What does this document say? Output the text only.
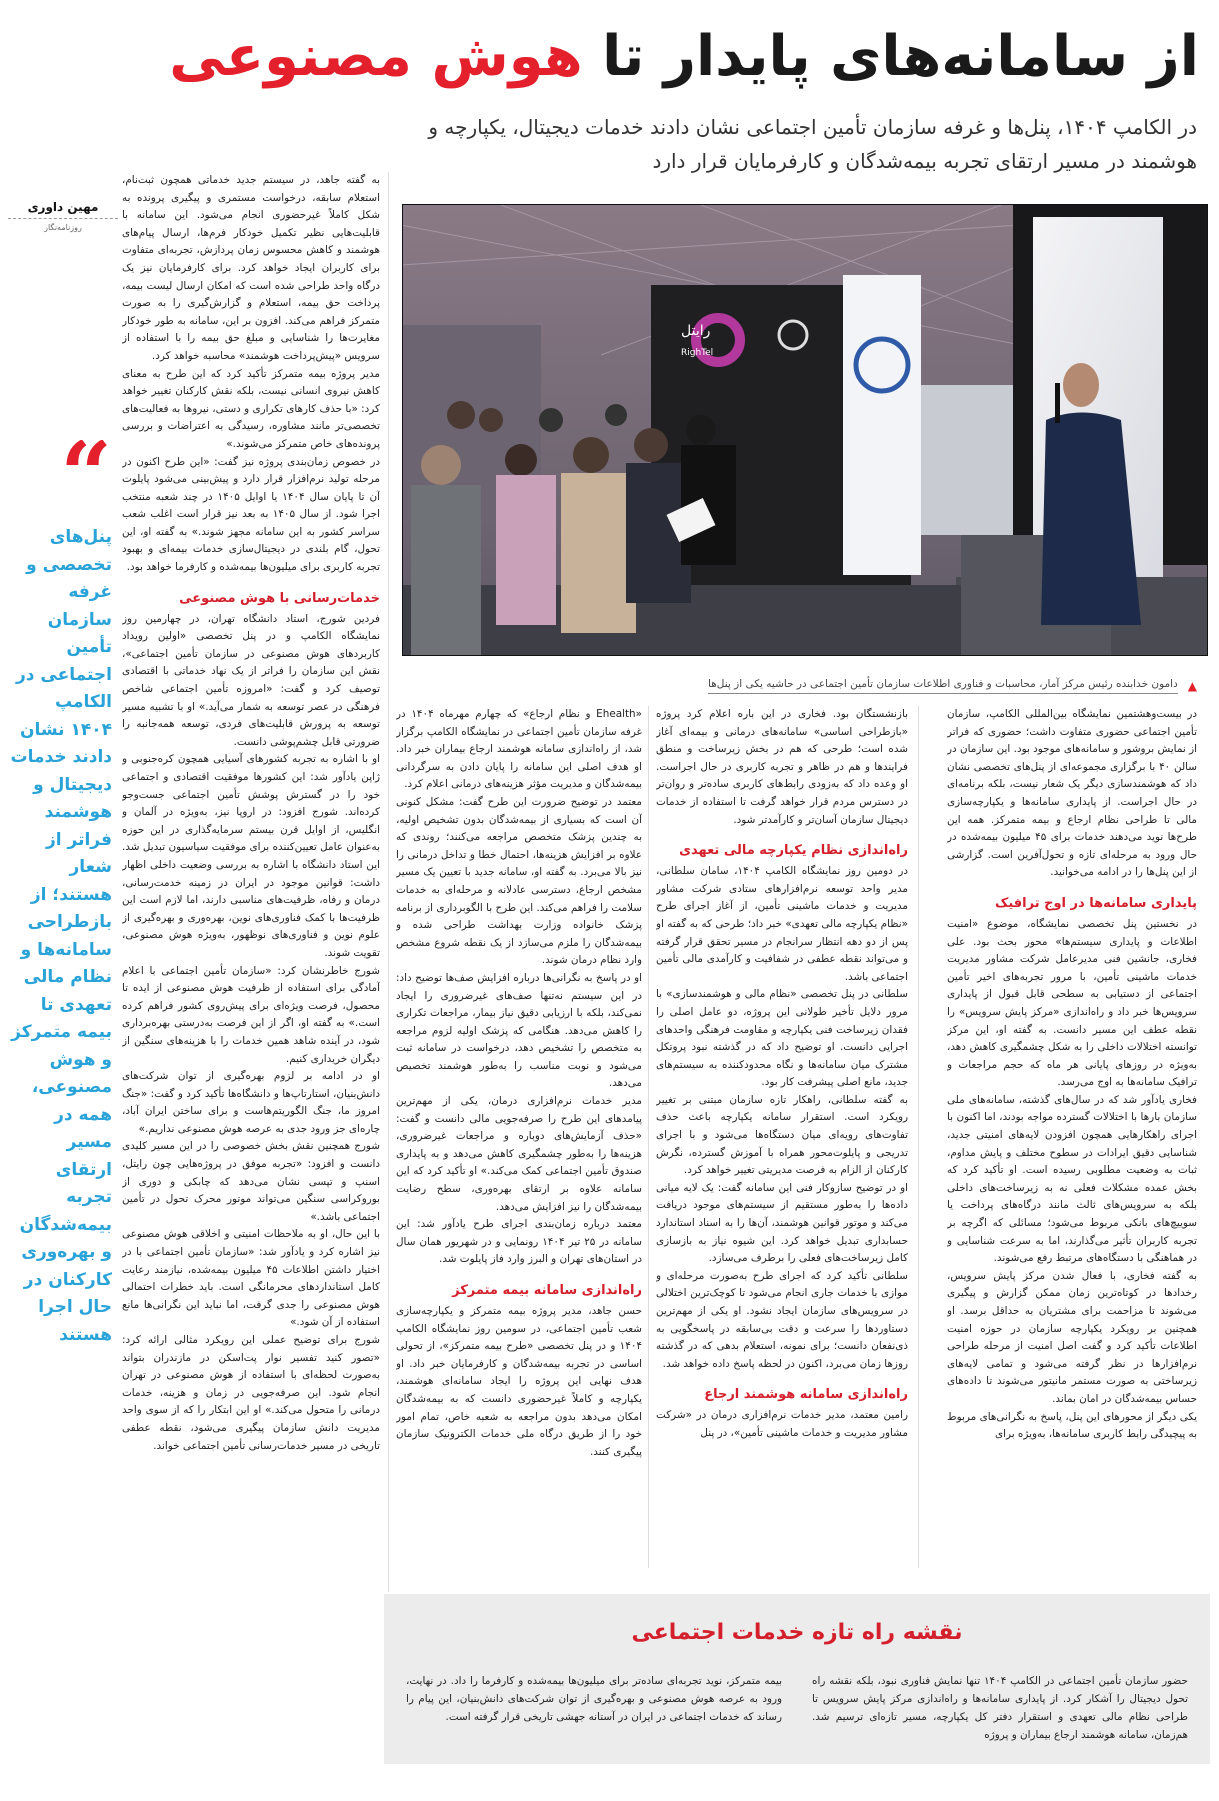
از سامانه‌های پایدار تا هوش مصنوعی

در الکامپ ۱۴۰۴، پنل‌ها و غرفه سازمان تأمین اجتماعی نشان دادند خدمات دیجیتال، یکپارچه و هوشمند در مسیر ارتقای تجربه بیمه‌شدگان و کارفرمایان قرار دارد

مهین داوری
روزنامه‌نگار
“
پنل‌های تخصصی و غرفه سازمان تأمین اجتماعی در الکامپ ۱۴۰۴ نشان دادند خدمات دیجیتال و هوشمند فراتر از شعار هستند؛ از بازطراحی سامانه‌ها و نظام مالی تعهدی تا بیمه متمرکز و هوش مصنوعی، همه در مسیر ارتقای تجربه بیمه‌شدگان و بهره‌وری کارکنان در حال اجرا هستند

به گفته جاهد، در سیستم جدید خدماتی همچون ثبت‌نام، استعلام سابقه، درخواست مستمری و پیگیری پرونده به شکل کاملاً غیرحضوری انجام می‌شود. این سامانه با قابلیت‌هایی نظیر تکمیل خودکار فرم‌ها، ارسال پیام‌های هوشمند و کاهش محسوس زمان پردازش، تجربه‌ای متفاوت برای کاربران ایجاد خواهد کرد. برای کارفرمایان نیز یک درگاه واحد طراحی شده است که امکان ارسال لیست بیمه، پرداخت حق بیمه، استعلام و گزارش‌گیری را به صورت متمرکز فراهم می‌کند. افزون بر این، سامانه به طور خودکار مغایرت‌ها را شناسایی و مبلغ حق بیمه را با استفاده از سرویس «پیش‌پرداخت هوشمند» محاسبه خواهد کرد.

مدیر پروژه بیمه متمرکز تأکید کرد که این طرح به معنای کاهش نیروی انسانی نیست، بلکه نقش کارکنان تغییر خواهد کرد: «با حذف کارهای تکراری و دستی، نیروها به فعالیت‌های تخصصی‌تر مانند مشاوره، رسیدگی به اعتراضات و بررسی پرونده‌های خاص متمرکز می‌شوند.»

در خصوص زمان‌بندی پروژه نیز گفت: «این طرح اکنون در مرحله تولید نرم‌افزار قرار دارد و پیش‌بینی می‌شود پایلوت آن تا پایان سال ۱۴۰۴ یا اوایل ۱۴۰۵ در چند شعبه منتخب اجرا شود. از سال ۱۴۰۵ به بعد نیز قرار است اغلب شعب سراسر کشور به این سامانه مجهز شوند.» به گفته او، این تحول، گام بلندی در دیجیتال‌سازی خدمات بیمه‌ای و بهبود تجربه کاربری برای میلیون‌ها بیمه‌شده و کارفرما خواهد بود.

خدمات‌رسانی با هوش مصنوعی

فردین شورج، استاد دانشگاه تهران، در چهارمین روز نمایشگاه الکامپ و در پنل تخصصی «اولین رویداد کاربردهای هوش مصنوعی در سازمان تأمین اجتماعی»، نقش این سازمان را فراتر از یک نهاد خدماتی با اقتصادی توصیف کرد و گفت: «امروزه تأمین اجتماعی شاخص فرهنگی در عصر توسعه به شمار می‌آید.» او با تشبیه مسیر توسعه به پرورش قابلیت‌های فردی، توسعه همه‌جانبه را ضرورتی قابل چشم‌پوشی دانست.

او با اشاره به تجربه کشورهای آسیایی همچون کره‌جنوبی و ژاپن یادآور شد: این کشورها موفقیت اقتصادی و اجتماعی خود را در گسترش پوشش تأمین اجتماعی جست‌وجو کرده‌اند. شورج افزود: در اروپا نیز، به‌ویژه در آلمان و انگلیس، از اوایل قرن بیستم سرمایه‌گذاری در این حوزه به‌عنوان عامل تعیین‌کننده برای موفقیت سیاسیون تبدیل شد. این استاد دانشگاه با اشاره به بررسی وضعیت داخلی اظهار داشت: قوانین موجود در ایران در زمینه خدمت‌رسانی، درمان و رفاه، ظرفیت‌های مناسبی دارند، اما لازم است این ظرفیت‌ها با کمک فناوری‌های نوین، بهره‌وری و بهره‌گیری از علوم نوین و فناوری‌های نوظهور، به‌ویژه هوش مصنوعی، تقویت شوند.

شورج خاطرنشان کرد: «سازمان تأمین اجتماعی با اعلام آمادگی برای استفاده از ظرفیت هوش مصنوعی از ایده تا محصول، فرصت ویژه‌ای برای پیش‌روی کشور فراهم کرده است.» به گفته او، اگر از این فرصت به‌درستی بهره‌برداری شود، در آینده شاهد همین خدمات را با هزینه‌های سنگین از دیگران خریداری کنیم.

او در ادامه بر لزوم بهره‌گیری از توان شرکت‌های دانش‌بنیان، استارتاپ‌ها و دانشگاه‌ها تأکید کرد و گفت: «جنگ امروز ما، جنگ الگوریتم‌هاست و برای ساختن ایران آباد، چاره‌ای جز ورود جدی به عرصه هوش مصنوعی نداریم.»

شورج همچنین نقش بخش خصوصی را در این مسیر کلیدی دانست و افزود: «تجربه موفق در پروژه‌هایی چون رایتل، اسنپ و تپسی نشان می‌دهد که چابکی و دوری از بوروکراسی سنگین می‌تواند موتور محرک تحول در تأمین اجتماعی باشد.»

با این حال، او به ملاحظات امنیتی و اخلاقی هوش مصنوعی نیز اشاره کرد و یادآور شد: «سازمان تأمین اجتماعی با در اختیار داشتن اطلاعات ۴۵ میلیون بیمه‌شده، نیازمند رعایت کامل استانداردهای محرمانگی است. باید خطرات احتمالی هوش مصنوعی را جدی گرفت، اما نباید این نگرانی‌ها مانع استفاده از آن شود.»

شورج برای توضیح عملی این رویکرد مثالی ارائه کرد: «تصور کنید تفسیر نوار پت‌اسکن در مازندران بتواند به‌صورت لحظه‌ای با استفاده از هوش مصنوعی در تهران انجام شود. این صرفه‌جویی در زمان و هزینه، خدمات درمانی را متحول می‌کند.» او این ابتکار را که از سوی واحد مدیریت دانش سازمان پیگیری می‌شود، نقطه عطفی تاریخی در مسیر خدمات‌رسانی تأمین اجتماعی خواند.

رایتل
RighTel
▲
دامون خدابنده رئیس مرکز آمار، محاسبات و فناوری اطلاعات سازمان تأمین اجتماعی در حاشیه یکی از پنل‌ها

در بیست‌وهشتمین نمایشگاه بین‌المللی الکامپ، سازمان تأمین اجتماعی حضوری متفاوت داشت؛ حضوری که فراتر از نمایش بروشور و سامانه‌های موجود بود. این سازمان در سالن ۴۰ با برگزاری مجموعه‌ای از پنل‌های تخصصی نشان داد که هوشمندسازی دیگر یک شعار نیست، بلکه برنامه‌ای در حال اجراست. از پایداری سامانه‌ها و یکپارچه‌سازی مالی تا طراحی نظام ارجاع و بیمه متمرکز. همه این طرح‌ها نوید می‌دهند خدمات برای ۴۵ میلیون بیمه‌شده در حال ورود به مرحله‌ای تازه و تحول‌آفرین است. گزارشی از این پنل‌ها را در ادامه می‌خوانید.

پایداری سامانه‌ها در اوج ترافیک

در نخستین پنل تخصصی نمایشگاه، موضوع «امنیت اطلاعات و پایداری سیستم‌ها» محور بحث بود. علی فخاری، جانشین فنی مدیرعامل شرکت مشاور مدیریت خدمات ماشینی تأمین، با مرور تجربه‌های اخیر تأمین اجتماعی از دستیابی به سطحی قابل قبول از پایداری سرویس‌ها خبر داد و راه‌اندازی «مرکز پایش سرویس» را نقطه عطف این مسیر دانست. به گفته او، این مرکز توانسته اختلالات داخلی را به شکل چشمگیری کاهش دهد، به‌ویژه در روزهای پایانی هر ماه که حجم مراجعات و ترافیک سامانه‌ها به اوج می‌رسد.

فخاری یادآور شد که در سال‌های گذشته، سامانه‌های ملی سازمان بارها با اختلالات گسترده مواجه بودند، اما اکنون با اجرای راهکارهایی همچون افزودن لایه‌های امنیتی جدید، شناسایی دقیق ایرادات در سطوح مختلف و پایش مداوم، ثبات به وضعیت مطلوبی رسیده است. او تأکید کرد که بخش عمده مشکلات فعلی نه به زیرساخت‌های داخلی بلکه به سرویس‌های ثالث مانند درگاه‌های پرداخت یا سوییچ‌های بانکی مربوط می‌شود؛ مسائلی که اگرچه بر تجربه کاربران تأثیر می‌گذارند، اما به سرعت شناسایی و در هماهنگی با دستگاه‌های مرتبط رفع می‌شوند.

به گفته فخاری، با فعال شدن مرکز پایش سرویس، رخدادها در کوتاه‌ترین زمان ممکن گزارش و پیگیری می‌شوند تا مزاحمت برای مشتریان به حداقل برسد. او همچنین بر رویکرد یکپارچه سازمان در حوزه امنیت اطلاعات تأکید کرد و گفت اصل امنیت از مرحله طراحی نرم‌افزارها در نظر گرفته می‌شود و تمامی لایه‌های زیرساختی به صورت مستمر مانیتور می‌شوند تا داده‌های حساس بیمه‌شدگان در امان بماند.

یکی دیگر از محورهای این پنل، پاسخ به نگرانی‌های مربوط به پیچیدگی رابط کاربری سامانه‌ها، به‌ویژه برای

بازنشستگان بود. فخاری در این باره اعلام کرد پروژه «بازطراحی اساسی» سامانه‌های درمانی و بیمه‌ای آغاز شده است؛ طرحی که هم در بخش زیرساخت و منطق فرایندها و هم در ظاهر و تجربه کاربری در حال اجراست. او وعده داد که به‌زودی رابط‌های کاربری ساده‌تر و روان‌تر در دسترس مردم قرار خواهد گرفت تا استفاده از خدمات دیجیتال سازمان آسان‌تر و کارآمدتر شود.

راه‌اندازی نظام یکپارچه مالی تعهدی

در دومین روز نمایشگاه الکامپ ۱۴۰۴، سامان سلطانی، مدیر واحد توسعه نرم‌افزارهای ستادی شرکت مشاور مدیریت و خدمات ماشینی تأمین، از آغاز اجرای طرح «نظام یکپارچه مالی تعهدی» خبر داد؛ طرحی که به گفته او پس از دو دهه انتظار سرانجام در مسیر تحقق قرار گرفته و می‌تواند نقطه عطفی در شفافیت و کارآمدی مالی تأمین اجتماعی باشد.

سلطانی در پنل تخصصی «نظام مالی و هوشمندسازی» با مرور دلایل تأخیر طولانی این پروژه، دو عامل اصلی را فقدان زیرساخت فنی یکپارچه و مقاومت فرهنگی واحدهای اجرایی دانست. او توضیح داد که در گذشته نبود پروتکل مشترک میان سامانه‌ها و نگاه محدودکننده به سیستم‌های جدید، مانع اصلی پیشرفت کار بود.

به گفته سلطانی، راهکار تازه سازمان مبتنی بر تغییر رویکرد است. استقرار سامانه یکپارچه باعث حذف تفاوت‌های رویه‌ای میان دستگاه‌ها می‌شود و با اجرای تدریجی و پایلوت‌محور همراه با آموزش گسترده، نگرش کارکنان از الزام به فرصت مدیریتی تغییر خواهد کرد.

او در توضیح سازوکار فنی این سامانه گفت: یک لایه میانی داده‌ها را به‌طور مستقیم از سیستم‌های موجود دریافت می‌کند و موتور قوانین هوشمند، آن‌ها را به اسناد استاندارد حسابداری تبدیل خواهد کرد. این شیوه نیاز به بازسازی کامل زیرساخت‌های فعلی را برطرف می‌سازد.

سلطانی تأکید کرد که اجرای طرح به‌صورت مرحله‌ای و موازی با خدمات جاری انجام می‌شود تا کوچک‌ترین اختلالی در سرویس‌های سازمان ایجاد نشود. او یکی از مهم‌ترین دستاوردها را سرعت و دقت بی‌سابقه در پاسخگویی به ذی‌نفعان دانست؛ برای نمونه، استعلام بدهی که در گذشته روزها زمان می‌برد، اکنون در لحظه پاسخ داده خواهد شد.

راه‌اندازی سامانه هوشمند ارجاع

رامین معتمد، مدیر خدمات نرم‌افزاری درمان در «شرکت مشاور مدیریت و خدمات ماشینی تأمین»، در پنل

«Ehealth و نظام ارجاع» که چهارم مهرماه ۱۴۰۴ در غرفه سازمان تأمین اجتماعی در نمایشگاه الکامپ برگزار شد، از راه‌اندازی سامانه هوشمند ارجاع بیماران خبر داد. او هدف اصلی این سامانه را پایان دادن به سرگردانی بیمه‌شدگان و مدیریت مؤثر هزینه‌های درمانی اعلام کرد.

معتمد در توضیح ضرورت این طرح گفت: مشکل کنونی آن است که بسیاری از بیمه‌شدگان بدون تشخیص اولیه، به چندین پزشک متخصص مراجعه می‌کنند؛ روندی که علاوه بر افزایش هزینه‌ها، احتمال خطا و تداخل درمانی را نیز بالا می‌برد. به گفته او، سامانه جدید با تعیین یک مسیر مشخص ارجاع، دسترسی عادلانه و مرحله‌ای به خدمات سلامت را فراهم می‌کند. این طرح با الگوبرداری از برنامه پزشک خانواده وزارت بهداشت طراحی شده و بیمه‌شدگان را ملزم می‌سازد از یک نقطه شروع مشخص وارد نظام درمان شوند.

او در پاسخ به نگرانی‌ها درباره افزایش صف‌ها توضیح داد: در این سیستم نه‌تنها صف‌های غیرضروری را ایجاد نمی‌کند، بلکه با ارزیابی دقیق نیاز بیمار، مراجعات تکراری را کاهش می‌دهد. هنگامی که پزشک اولیه لزوم مراجعه به متخصص را تشخیص دهد، درخواست در سامانه ثبت می‌شود و نوبت مناسب را به‌طور هوشمند تخصیص می‌دهد.

مدیر خدمات نرم‌افزاری درمان، یکی از مهم‌ترین پیامدهای این طرح را صرفه‌جویی مالی دانست و گفت: «حذف آزمایش‌های دوباره و مراجعات غیرضروری، هزینه‌ها را به‌طور چشمگیری کاهش می‌دهد و به پایداری صندوق تأمین اجتماعی کمک می‌کند.» او تأکید کرد که این سامانه علاوه بر ارتقای بهره‌وری، سطح رضایت بیمه‌شدگان را نیز افزایش می‌دهد.

معتمد درباره زمان‌بندی اجرای طرح یادآور شد: این سامانه در ۲۵ تیر ۱۴۰۴ رونمایی و در شهریور همان سال در استان‌های تهران و البرز وارد فاز پایلوت شد.

راه‌اندازی سامانه بیمه متمرکز

حسن جاهد، مدیر پروژه بیمه متمرکز و یکپارچه‌سازی شعب تأمین اجتماعی، در سومین روز نمایشگاه الکامپ ۱۴۰۴ و در پنل تخصصی «طرح بیمه متمرکز»، از تحولی اساسی در تجربه بیمه‌شدگان و کارفرمایان خبر داد. او هدف نهایی این پروژه را ایجاد سامانه‌ای هوشمند، یکپارچه و کاملاً غیرحضوری دانست که به بیمه‌شدگان امکان می‌دهد بدون مراجعه به شعبه خاص، تمام امور خود را از طریق درگاه ملی خدمات الکترونیک سازمان پیگیری کنند.

نقشه راه تازه خدمات اجتماعی

حضور سازمان تأمین اجتماعی در الکامپ ۱۴۰۴ تنها نمایش فناوری نبود، بلکه نقشه راه تحول دیجیتال را آشکار کرد. از پایداری سامانه‌ها و راه‌اندازی مرکز پایش سرویس تا طراحی نظام مالی تعهدی و استقرار دفتر کل یکپارچه، مسیر تازه‌ای ترسیم شد. هم‌زمان، سامانه هوشمند ارجاع بیماران و پروژه

بیمه متمرکز، نوید تجربه‌ای ساده‌تر برای میلیون‌ها بیمه‌شده و کارفرما را داد. در نهایت، ورود به عرصه هوش مصنوعی و بهره‌گیری از توان شرکت‌های دانش‌بنیان، این پیام را رساند که خدمات اجتماعی در ایران در آستانه جهشی تاریخی قرار گرفته است.
